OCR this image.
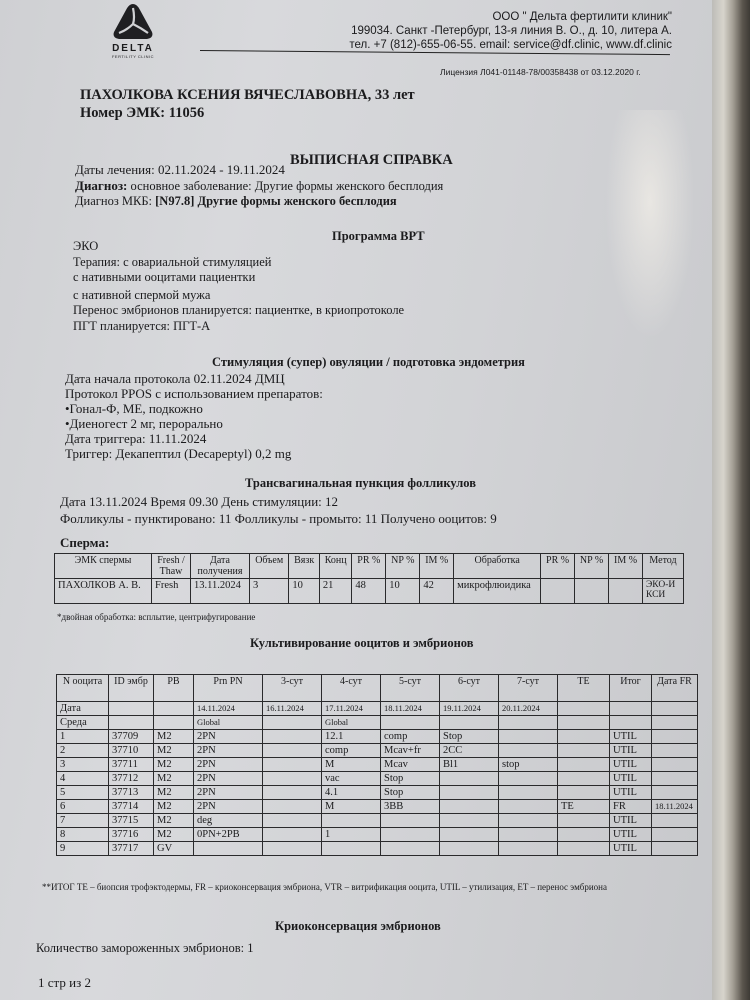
DELTA
FERTILITY CLINIC
ООО " Дельта фертилити клиник"
199034. Санкт -Петербург, 13-я линия В. О., д. 10, литера А.
тел. +7 (812)-655-06-55. email: service@df.clinic, www.df.clinic
Лицензия Л041-01148-78/00358438 от 03.12.2020 г.
ПАХОЛКОВА КСЕНИЯ ВЯЧЕСЛАВОВНА, 33 лет
Номер ЭМК: 11056
ВЫПИСНАЯ СПРАВКА
Даты лечения: 02.11.2024 - 19.11.2024
Диагноз: основное заболевание: Другие формы женского бесплодия
Диагноз МКБ: [N97.8] Другие формы женского бесплодия
Программа ВРТ
ЭКО
Терапия: с овариальной стимуляцией
с нативными ооцитами пациентки
с нативной спермой мужа
Перенос эмбрионов планируется: пациентке, в криопротоколе
ПГТ планируется: ПГТ-А
Стимуляция (супер) овуляции / подготовка эндометрия
Дата начала протокола 02.11.2024 ДМЦ
Протокол PPOS с использованием препаратов:
•Гонал-Ф, МЕ, подкожно
•Диеногест 2 мг, перорально
Дата триггера: 11.11.2024
Триггер: Декапептил (Decapeptyl) 0,2 mg
Трансвагинальная пункция фолликулов
Дата 13.11.2024 Время 09.30 День стимуляции: 12
Фолликулы - пунктировано: 11 Фолликулы - промыто: 11 Получено ооцитов: 9
Сперма:
ЭМК спермы	Fresh / Thaw	Дата получения	Объем	Вязк	Конц	PR %	NP %	IM %	Обработка	PR %	NP %	IM %	Метод
ПАХОЛКОВ А. В.	Fresh	13.11.2024	3	10	21	48	10	42	микрофлюидика				ЭКО-И КСИ
*двойная обработка: всплытие, центрифугирование
Культивирование ооцитов и эмбрионов
N ооцита	ID эмбр	PB	Prn PN	3-сут	4-сут	5-сут	6-сут	7-сут	TE	Итог	Дата FR
Дата			14.11.2024	16.11.2024	17.11.2024	18.11.2024	19.11.2024	20.11.2024			
Среда			Global		Global						
1	37709	M2	2PN		12.1	comp	Stop			UTIL	
2	37710	M2	2PN		comp	Mcav+fr	2CC			UTIL	
3	37711	M2	2PN		M	Mcav	Bl1	stop		UTIL	
4	37712	M2	2PN		vac	Stop				UTIL	
5	37713	M2	2PN		4.1	Stop				UTIL	
6	37714	M2	2PN		M	3BB			TE	FR	18.11.2024
7	37715	M2	deg							UTIL	
8	37716	M2	0PN+2PB		1					UTIL	
9	37717	GV								UTIL	
**ИТОГ TE – биопсия трофэктодермы, FR – криоконсервация эмбриона, VTR – витрификация ооцита, UTIL – утилизация, ET – перенос эмбриона
Криоконсервация эмбрионов
Количество замороженных эмбрионов: 1
1 стр из 2
